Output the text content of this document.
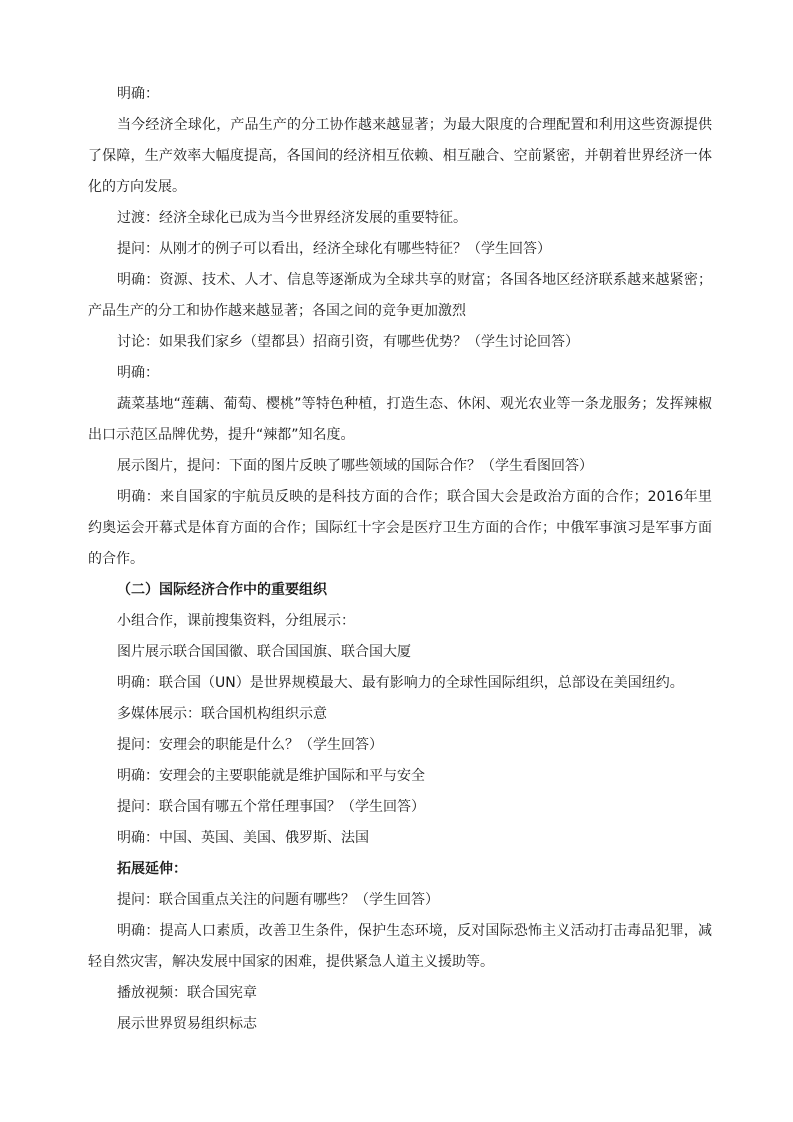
明确：

当今经济全球化，产品生产的分工协作越来越显著；为最大限度的合理配置和利用这些资源提供了保障，生产效率大幅度提高，各国间的经济相互依赖、相互融合、空前紧密，并朝着世界经济一体化的方向发展。

过渡：经济全球化已成为当今世界经济发展的重要特征。

提问：从刚才的例子可以看出，经济全球化有哪些特征？（学生回答）

明确：资源、技术、人才、信息等逐渐成为全球共享的财富；各国各地区经济联系越来越紧密；产品生产的分工和协作越来越显著；各国之间的竞争更加激烈

讨论：如果我们家乡（望都县）招商引资，有哪些优势？（学生讨论回答）

明确：

蔬菜基地“莲藕、葡萄、樱桃”等特色种植，打造生态、休闲、观光农业等一条龙服务；发挥辣椒出口示范区品牌优势，提升“辣都”知名度。

展示图片，提问：下面的图片反映了哪些领域的国际合作？（学生看图回答）

明确：来自国家的宇航员反映的是科技方面的合作；联合国大会是政治方面的合作；2016年里约奥运会开幕式是体育方面的合作；国际红十字会是医疗卫生方面的合作；中俄军事演习是军事方面的合作。

（二）国际经济合作中的重要组织

小组合作，课前搜集资料，分组展示：

图片展示联合国国徽、联合国国旗、联合国大厦

明确：联合国（UN）是世界规模最大、最有影响力的全球性国际组织，总部设在美国纽约。

多媒体展示：联合国机构组织示意

提问：安理会的职能是什么？（学生回答）

明确：安理会的主要职能就是维护国际和平与安全

提问：联合国有哪五个常任理事国？（学生回答）

明确：中国、英国、美国、俄罗斯、法国

拓展延伸：

提问：联合国重点关注的问题有哪些？（学生回答）

明确：提高人口素质，改善卫生条件，保护生态环境，反对国际恐怖主义活动打击毒品犯罪，减轻自然灾害，解决发展中国家的困难，提供紧急人道主义援助等。

播放视频：联合国宪章

展示世界贸易组织标志
